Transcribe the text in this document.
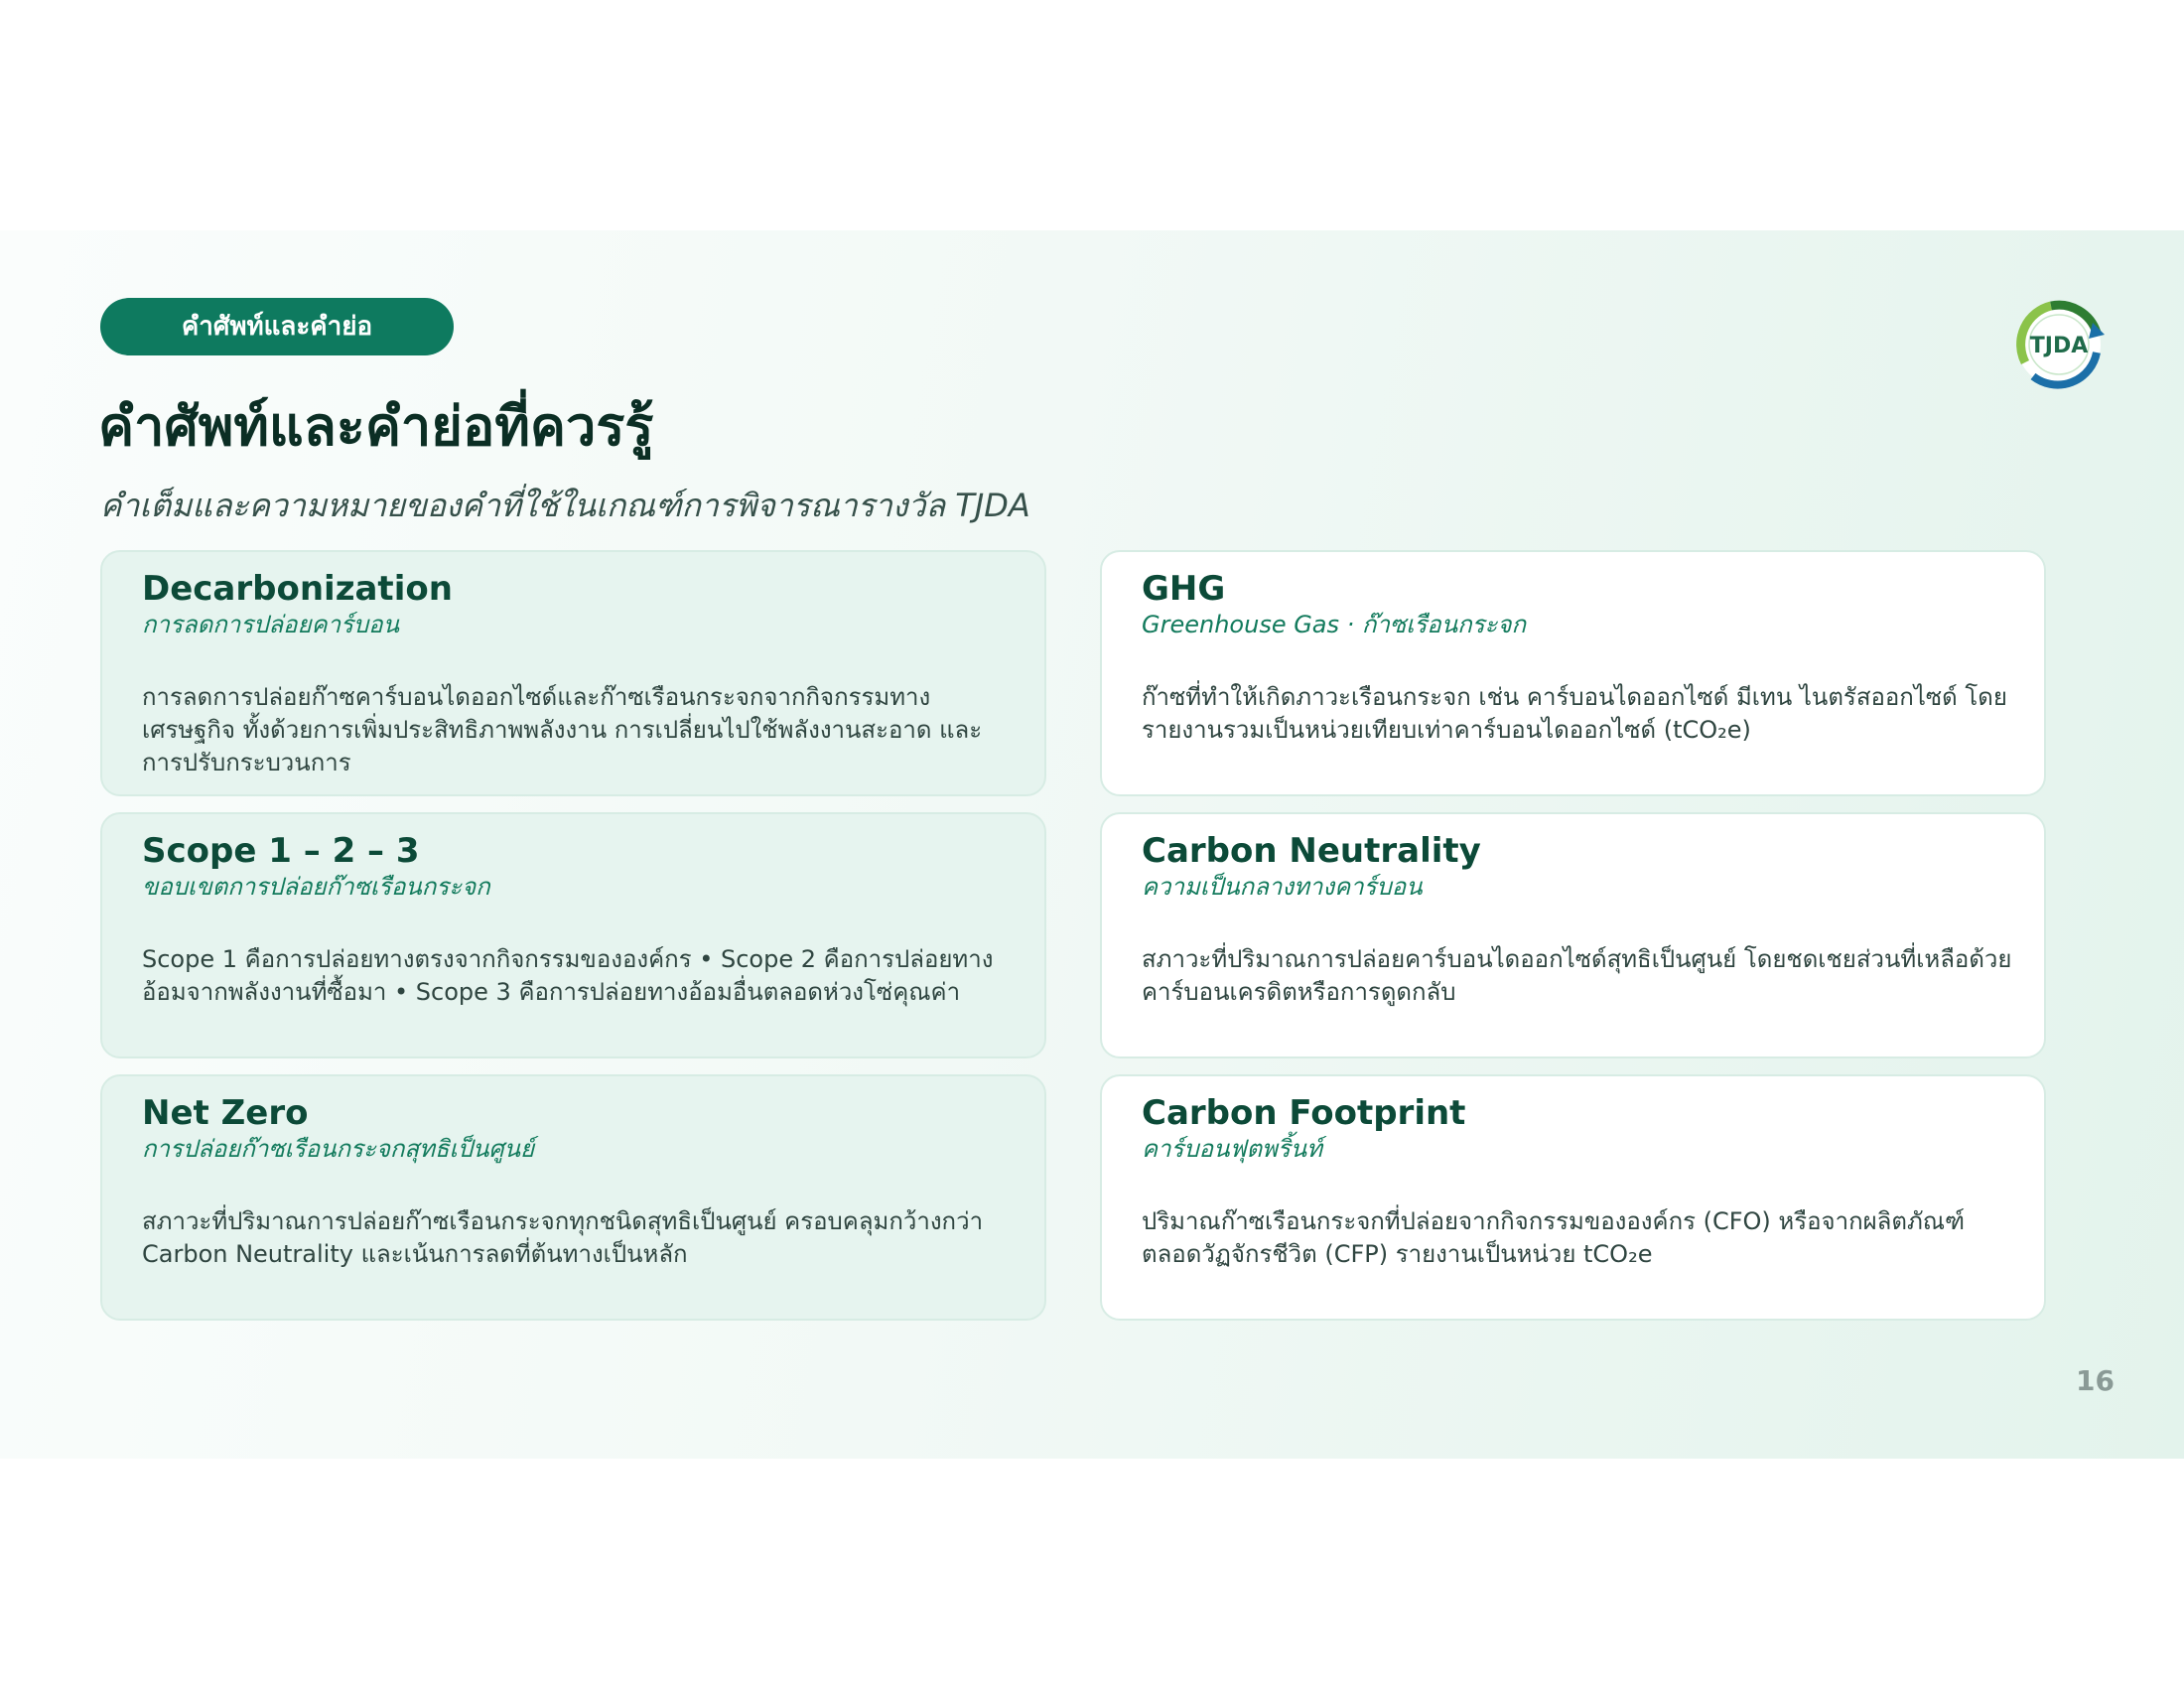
คำศัพท์และคำย่อ
TJDA
คำศัพท์และคำย่อที่ควรรู้
คำเต็มและความหมายของคำที่ใช้ในเกณฑ์การพิจารณารางวัล TJDA
Decarbonization
การลดการปล่อยคาร์บอน
การลดการปล่อยก๊าซคาร์บอนไดออกไซด์และก๊าซเรือนกระจกจากกิจกรรมทางเศรษฐกิจ ทั้งด้วยการเพิ่มประสิทธิภาพพลังงาน การเปลี่ยนไปใช้พลังงานสะอาด และการปรับกระบวนการ
GHG
Greenhouse Gas · ก๊าซเรือนกระจก
ก๊าซที่ทำให้เกิดภาวะเรือนกระจก เช่น คาร์บอนไดออกไซด์ มีเทน ไนตรัสออกไซด์ โดยรายงานรวมเป็นหน่วยเทียบเท่าคาร์บอนไดออกไซด์ (tCO₂e)
Scope 1 – 2 – 3
ขอบเขตการปล่อยก๊าซเรือนกระจก
Scope 1 คือการปล่อยทางตรงจากกิจกรรมขององค์กร • Scope 2 คือการปล่อยทางอ้อมจากพลังงานที่ซื้อมา • Scope 3 คือการปล่อยทางอ้อมอื่นตลอดห่วงโซ่คุณค่า
Carbon Neutrality
ความเป็นกลางทางคาร์บอน
สภาวะที่ปริมาณการปล่อยคาร์บอนไดออกไซด์สุทธิเป็นศูนย์ โดยชดเชยส่วนที่เหลือด้วยคาร์บอนเครดิตหรือการดูดกลับ
Net Zero
การปล่อยก๊าซเรือนกระจกสุทธิเป็นศูนย์
สภาวะที่ปริมาณการปล่อยก๊าซเรือนกระจกทุกชนิดสุทธิเป็นศูนย์ ครอบคลุมกว้างกว่า Carbon Neutrality และเน้นการลดที่ต้นทางเป็นหลัก
Carbon Footprint
คาร์บอนฟุตพริ้นท์
ปริมาณก๊าซเรือนกระจกที่ปล่อยจากกิจกรรมขององค์กร (CFO) หรือจากผลิตภัณฑ์ตลอดวัฏจักรชีวิต (CFP) รายงานเป็นหน่วย tCO₂e
16
